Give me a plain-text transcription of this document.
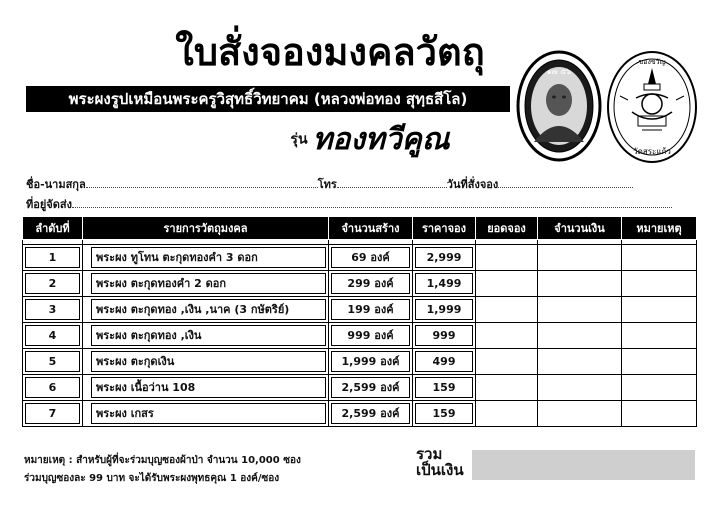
ใบสั่งจองมงคลวัตถุ
พระผงรูปเหมือนพระครูวิสุทธิ์วิทยาคม (หลวงพ่อทอง สุทฺธสีโล)
รุ่น ทองทวีคูณ
๑๗ ๕๖
ของขวัญ
วัดสระแก้ว
ชื่อ-นามสกุล	โทร	วันที่สั่งจอง
ที่อยู่จัดส่ง
ลำดับที่	รายการวัตถุมงคล	จำนวนสร้าง	ราคาจอง	ยอดจอง	จำนวนเงิน	หมายเหตุ

1	พระผง ทูโทน ตะกุดทองคำ 3 ดอก	69 องค์	2,999			

2	พระผง ตะกุดทองคำ 2 ดอก	299 องค์	1,499			

3	พระผง ตะกุดทอง ,เงิน ,นาค (3 กษัตริย์)	199 องค์	1,999			

4	พระผง ตะกุดทอง ,เงิน	999 องค์	999			

5	พระผง ตะกุดเงิน	1,999 องค์	499			

6	พระผง เนื้อว่าน 108	2,599 องค์	159			

7	พระผง เกสร	2,599 องค์	159			

หมายเหตุ : สำหรับผู้ที่จะร่วมบุญซองผ้าป่า จำนวน 10,000 ซอง
ร่วมบุญซองละ 99 บาท จะได้รับพระผงพุทธคุณ 1 องค์/ซอง
รวม
เป็นเงิน
